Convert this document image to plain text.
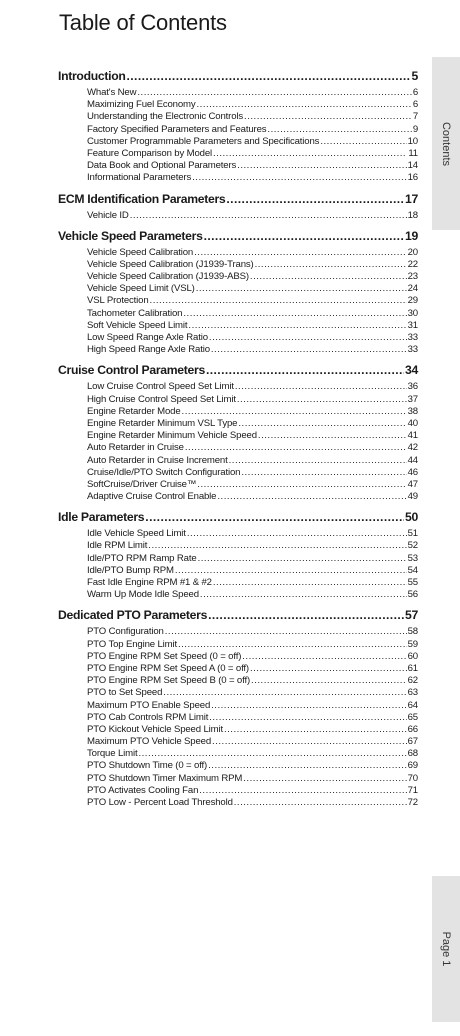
Table of Contents
Contents
Page 1
Introduction .....	5
What's New .....	6
Maximizing Fuel Economy .....	6
Understanding the Electronic Controls .....	7
Factory Specified Parameters and Features .....	9
Customer Programmable Parameters and Specifications .....	10
Feature Comparison by Model .....	11
Data Book and Optional Parameters .....	14
Informational Parameters .....	16
ECM Identification Parameters .....	17
Vehicle ID .....	18
Vehicle Speed Parameters .....	19
Vehicle Speed Calibration .....	20
Vehicle Speed Calibration (J1939-Trans) .....	22
Vehicle Speed Calibration (J1939-ABS) .....	23
Vehicle Speed Limit (VSL) .....	24
VSL Protection .....	29
Tachometer Calibration .....	30
Soft Vehicle Speed Limit .....	31
Low Speed Range Axle Ratio .....	33
High Speed Range Axle Ratio .....	33
Cruise Control Parameters .....	34
Low Cruise Control Speed Set Limit .....	36
High Cruise Control Speed Set Limit .....	37
Engine Retarder Mode .....	38
Engine Retarder Minimum VSL Type .....	40
Engine Retarder Minimum Vehicle Speed .....	41
Auto Retarder in Cruise .....	42
Auto Retarder in Cruise Increment .....	44
Cruise/Idle/PTO Switch Configuration .....	46
SoftCruise/Driver Cruise™ .....	47
Adaptive Cruise Control Enable .....	49
Idle Parameters .....	50
Idle Vehicle Speed Limit .....	51
Idle RPM Limit .....	52
Idle/PTO RPM Ramp Rate .....	53
Idle/PTO Bump RPM .....	54
Fast Idle Engine RPM #1 & #2 .....	55
Warm Up Mode Idle Speed .....	56
Dedicated PTO Parameters .....	57
PTO Configuration .....	58
PTO Top Engine Limit .....	59
PTO Engine RPM Set Speed (0 = off) .....	60
PTO Engine RPM Set Speed A (0 = off) .....	61
PTO Engine RPM Set Speed B (0 = off) .....	62
PTO to Set Speed .....	63
Maximum PTO Enable Speed .....	64
PTO Cab Controls RPM Limit .....	65
PTO Kickout Vehicle Speed Limit .....	66
Maximum PTO Vehicle Speed .....	67
Torque Limit .....	68
PTO Shutdown Time (0 = off) .....	69
PTO Shutdown Timer Maximum RPM .....	70
PTO Activates Cooling Fan .....	71
PTO Low - Percent Load Threshold .....	72
